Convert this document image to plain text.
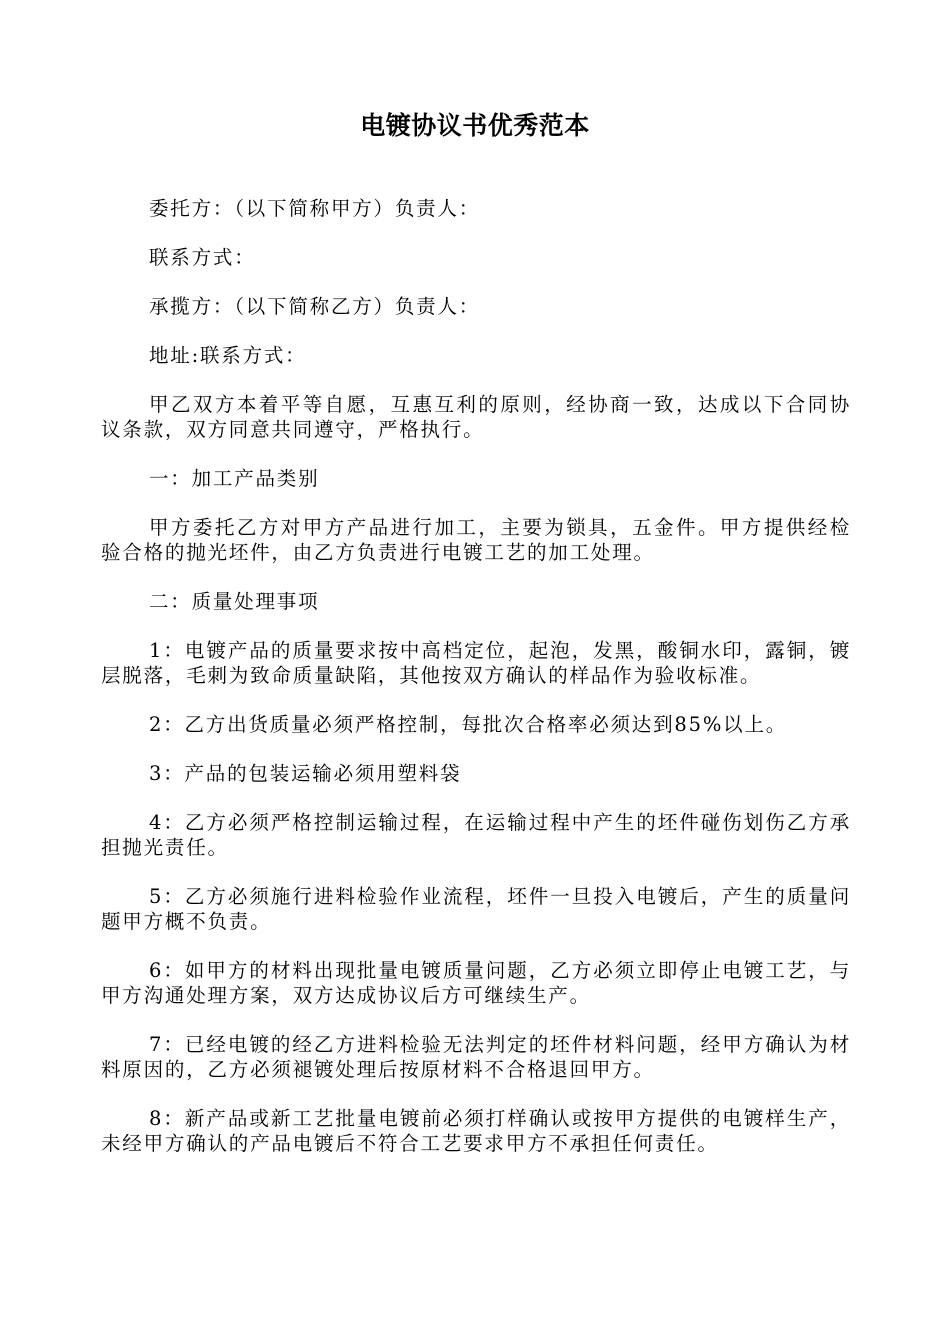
电镀协议书优秀范本

委托方：（以下简称甲方）负责人：

联系方式：

承揽方：（以下简称乙方）负责人：

地址:联系方式：

甲乙双方本着平等自愿，互惠互利的原则，经协商一致，达成以下合同协议条款，双方同意共同遵守，严格执行。

一：加工产品类别

甲方委托乙方对甲方产品进行加工，主要为锁具，五金件。甲方提供经检验合格的抛光坯件，由乙方负责进行电镀工艺的加工处理。

二：质量处理事项

1：电镀产品的质量要求按中高档定位，起泡，发黑，酸铜水印，露铜，镀层脱落，毛刺为致命质量缺陷，其他按双方确认的样品作为验收标准。

2：乙方出货质量必须严格控制，每批次合格率必须达到85%以上。

3：产品的包装运输必须用塑料袋

4：乙方必须严格控制运输过程，在运输过程中产生的坯件碰伤划伤乙方承担抛光责任。

5：乙方必须施行进料检验作业流程，坯件一旦投入电镀后，产生的质量问题甲方概不负责。

6：如甲方的材料出现批量电镀质量问题，乙方必须立即停止电镀工艺，与甲方沟通处理方案，双方达成协议后方可继续生产。

7：已经电镀的经乙方进料检验无法判定的坯件材料问题，经甲方确认为材料原因的，乙方必须褪镀处理后按原材料不合格退回甲方。

8：新产品或新工艺批量电镀前必须打样确认或按甲方提供的电镀样生产，未经甲方确认的产品电镀后不符合工艺要求甲方不承担任何责任。
